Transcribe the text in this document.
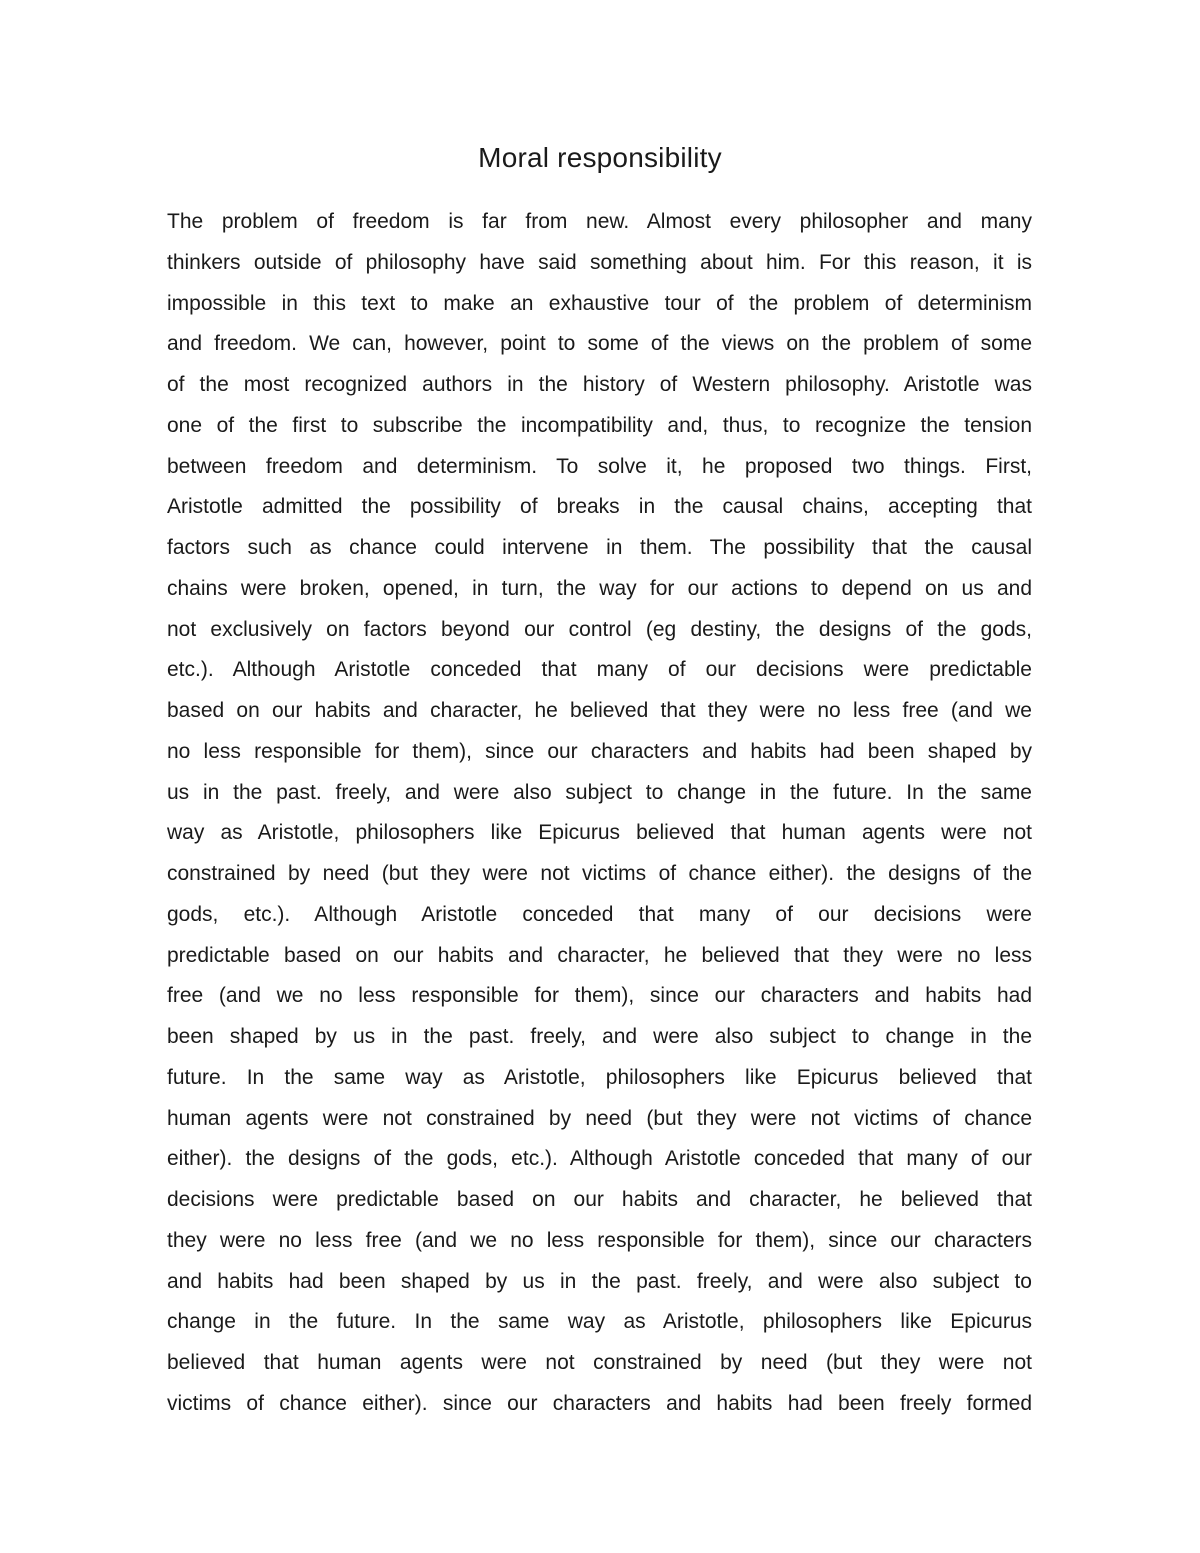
Moral responsibility
The problem of freedom is far from new. Almost every philosopher and many
thinkers outside of philosophy have said something about him. For this reason, it is
impossible in this text to make an exhaustive tour of the problem of determinism
and freedom. We can, however, point to some of the views on the problem of some
of the most recognized authors in the history of Western philosophy. Aristotle was
one of the first to subscribe the incompatibility and, thus, to recognize the tension
between freedom and determinism. To solve it, he proposed two things. First,
Aristotle admitted the possibility of breaks in the causal chains, accepting that
factors such as chance could intervene in them. The possibility that the causal
chains were broken, opened, in turn, the way for our actions to depend on us and
not exclusively on factors beyond our control (eg destiny, the designs of the gods,
etc.). Although Aristotle conceded that many of our decisions were predictable
based on our habits and character, he believed that they were no less free (and we
no less responsible for them), since our characters and habits had been shaped by
us in the past. freely, and were also subject to change in the future. In the same
way as Aristotle, philosophers like Epicurus believed that human agents were not
constrained by need (but they were not victims of chance either). the designs of the
gods, etc.). Although Aristotle conceded that many of our decisions were
predictable based on our habits and character, he believed that they were no less
free (and we no less responsible for them), since our characters and habits had
been shaped by us in the past. freely, and were also subject to change in the
future. In the same way as Aristotle, philosophers like Epicurus believed that
human agents were not constrained by need (but they were not victims of chance
either). the designs of the gods, etc.). Although Aristotle conceded that many of our
decisions were predictable based on our habits and character, he believed that
they were no less free (and we no less responsible for them), since our characters
and habits had been shaped by us in the past. freely, and were also subject to
change in the future. In the same way as Aristotle, philosophers like Epicurus
believed that human agents were not constrained by need (but they were not
victims of chance either). since our characters and habits had been freely formed
